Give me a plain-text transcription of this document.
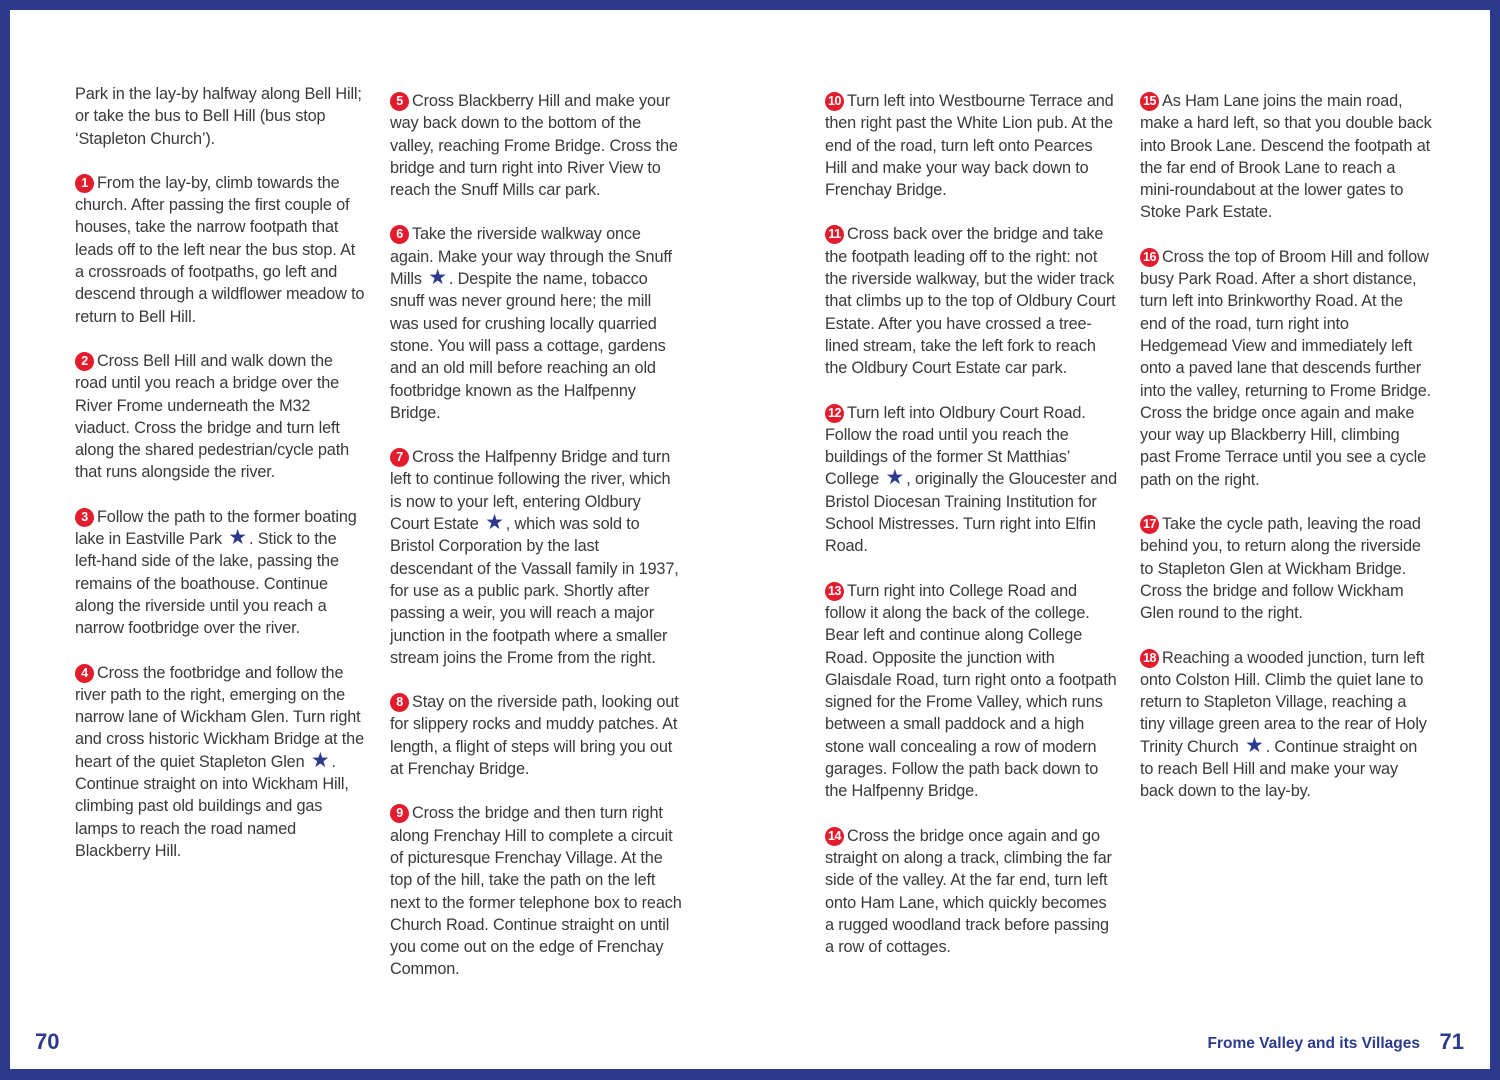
Park in the lay-by halfway along Bell Hill; or take the bus to Bell Hill (bus stop ‘Stapleton Church’).

1 From the lay-by, climb towards the church. After passing the first couple of houses, take the narrow footpath that leads off to the left near the bus stop. At a crossroads of footpaths, go left and descend through a wildflower meadow to return to Bell Hill.

2 Cross Bell Hill and walk down the road until you reach a bridge over the River Frome underneath the M32 viaduct. Cross the bridge and turn left along the shared pedestrian/cycle path that runs alongside the river.

3 Follow the path to the former boating lake in Eastville Park ★ . Stick to the left-hand side of the lake, passing the remains of the boathouse. Continue along the riverside until you reach a narrow footbridge over the river.

4 Cross the footbridge and follow the river path to the right, emerging on the narrow lane of Wickham Glen. Turn right and cross historic Wickham Bridge at the heart of the quiet Stapleton Glen ★ . Continue straight on into Wickham Hill, climbing past old buildings and gas lamps to reach the road named Blackberry Hill.

5 Cross Blackberry Hill and make your way back down to the bottom of the valley, reaching Frome Bridge. Cross the bridge and turn right into River View to reach the Snuff Mills car park.

6 Take the riverside walkway once again. Make your way through the Snuff Mills ★ . Despite the name, tobacco snuff was never ground here; the mill was used for crushing locally quarried stone. You will pass a cottage, gardens and an old mill before reaching an old footbridge known as the Halfpenny Bridge.

7 Cross the Halfpenny Bridge and turn left to continue following the river, which is now to your left, entering Oldbury Court Estate ★ , which was sold to Bristol Corporation by the last descendant of the Vassall family in 1937, for use as a public park. Shortly after passing a weir, you will reach a major junction in the footpath where a smaller stream joins the Frome from the right.

8 Stay on the riverside path, looking out for slippery rocks and muddy patches. At length, a flight of steps will bring you out at Frenchay Bridge.

9 Cross the bridge and then turn right along Frenchay Hill to complete a circuit of picturesque Frenchay Village. At the top of the hill, take the path on the left next to the former telephone box to reach Church Road. Continue straight on until you come out on the edge of Frenchay Common.

10 Turn left into Westbourne Terrace and then right past the White Lion pub. At the end of the road, turn left onto Pearces Hill and make your way back down to Frenchay Bridge.

11 Cross back over the bridge and take the footpath leading off to the right: not the riverside walkway, but the wider track that climbs up to the top of Oldbury Court Estate. After you have crossed a tree-lined stream, take the left fork to reach the Oldbury Court Estate car park.

12 Turn left into Oldbury Court Road. Follow the road until you reach the buildings of the former St Matthias’ College ★ , originally the Gloucester and Bristol Diocesan Training Institution for School Mistresses. Turn right into Elfin Road.

13 Turn right into College Road and follow it along the back of the college. Bear left and continue along College Road. Opposite the junction with Glaisdale Road, turn right onto a footpath signed for the Frome Valley, which runs between a small paddock and a high stone wall concealing a row of modern garages. Follow the path back down to the Halfpenny Bridge.

14 Cross the bridge once again and go straight on along a track, climbing the far side of the valley. At the far end, turn left onto Ham Lane, which quickly becomes a rugged woodland track before passing a row of cottages.

15 As Ham Lane joins the main road, make a hard left, so that you double back into Brook Lane. Descend the footpath at the far end of Brook Lane to reach a mini-roundabout at the lower gates to Stoke Park Estate.

16 Cross the top of Broom Hill and follow busy Park Road. After a short distance, turn left into Brinkworthy Road. At the end of the road, turn right into Hedgemead View and immediately left onto a paved lane that descends further into the valley, returning to Frome Bridge. Cross the bridge once again and make your way up Blackberry Hill, climbing past Frome Terrace until you see a cycle path on the right.

17 Take the cycle path, leaving the road behind you, to return along the riverside to Stapleton Glen at Wickham Bridge. Cross the bridge and follow Wickham Glen round to the right.

18 Reaching a wooded junction, turn left onto Colston Hill. Climb the quiet lane to return to Stapleton Village, reaching a tiny village green area to the rear of Holy Trinity Church ★ . Continue straight on to reach Bell Hill and make your way back down to the lay-by.

70	Frome Valley and its Villages 71
